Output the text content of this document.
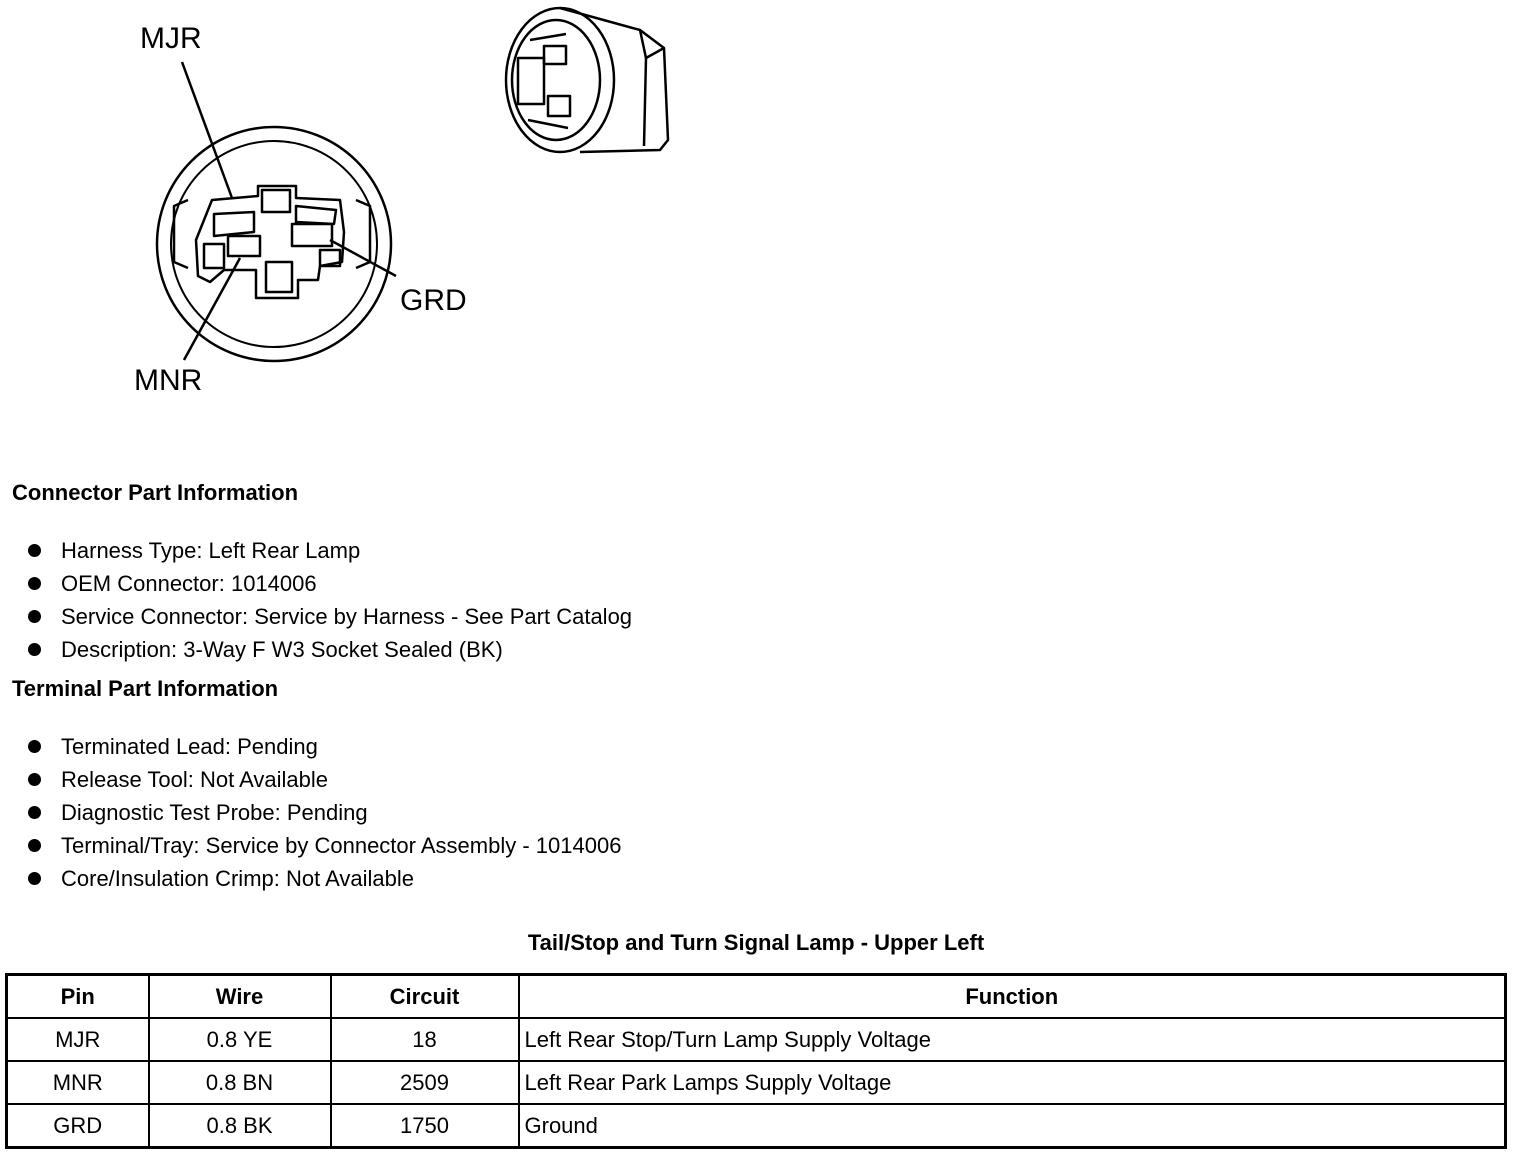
MJR
GRD
MNR
Connector Part Information
Harness Type: Left Rear Lamp
OEM Connector: 1014006
Service Connector: Service by Harness - See Part Catalog
Description: 3-Way F W3 Socket Sealed (BK)
Terminal Part Information
Terminated Lead: Pending
Release Tool: Not Available
Diagnostic Test Probe: Pending
Terminal/Tray: Service by Connector Assembly - 1014006
Core/Insulation Crimp: Not Available
Tail/Stop and Turn Signal Lamp - Upper Left
Pin	Wire	Circuit	Function
MJR	0.8 YE	18	Left Rear Stop/Turn Lamp Supply Voltage
MNR	0.8 BN	2509	Left Rear Park Lamps Supply Voltage
GRD	0.8 BK	1750	Ground
